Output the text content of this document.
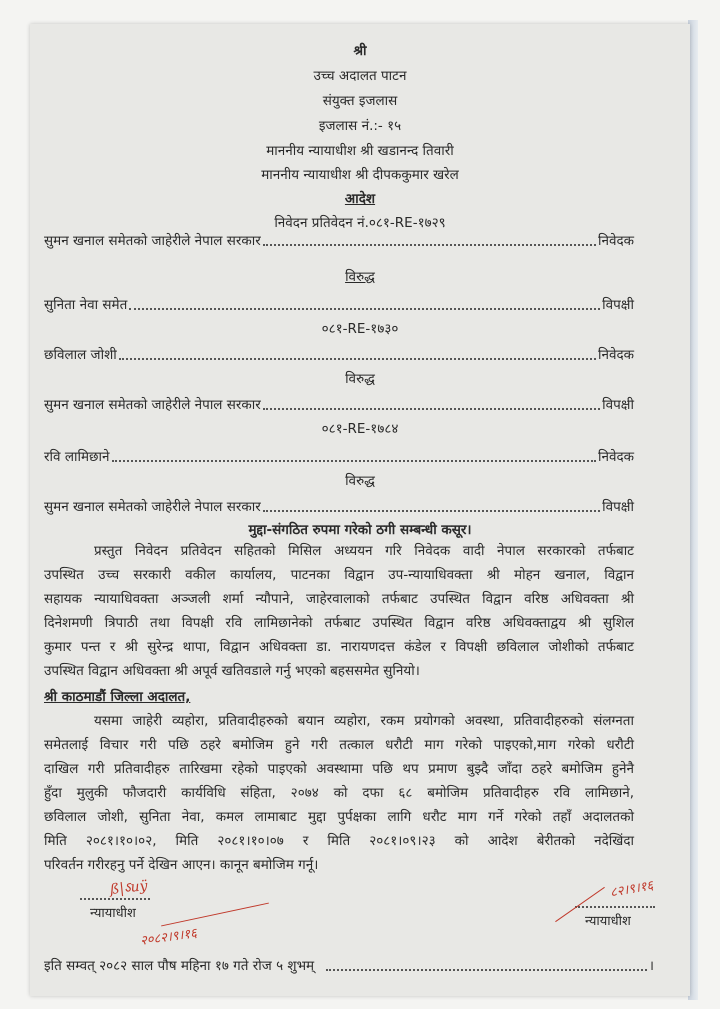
श्री
उच्च अदालत पाटन
संयुक्त इजलास
इजलास नं.:- १५
माननीय न्यायाधीश श्री खडानन्द तिवारी
माननीय न्यायाधीश श्री दीपककुमार खरेल
आदेश
निवेदन प्रतिवेदन नं.०८१-RE-१७२९
सुमन खनाल समेतको जाहेरीले नेपाल सरकार	निवेदक
विरुद्ध
सुनिता नेवा समेत	विपक्षी
०८१-RE-१७३०
छविलाल जोशी	निवेदक
विरुद्ध
सुमन खनाल समेतको जाहेरीले नेपाल सरकार	विपक्षी
०८१-RE-१७८४
रवि लामिछाने	निवेदक
विरुद्ध
सुमन खनाल समेतको जाहेरीले नेपाल सरकार	विपक्षी
मुद्दा-संगठित रुपमा गरेको ठगी सम्बन्धी कसूर।
प्रस्तुत निवेदन प्रतिवेदन सहितको मिसिल अध्ययन गरि निवेदक वादी नेपाल सरकारको तर्फबाट
उपस्थित उच्च सरकारी वकील कार्यालय, पाटनका विद्वान उप-न्यायाधिवक्ता श्री मोहन खनाल, विद्वान
सहायक न्यायाधिवक्ता अञ्जली शर्मा न्यौपाने, जाहेरवालाको तर्फबाट उपस्थित विद्वान वरिष्ठ अधिवक्ता श्री
दिनेशमणी त्रिपाठी तथा विपक्षी रवि लामिछानेको तर्फबाट उपस्थित विद्वान वरिष्ठ अधिवक्ताद्वय श्री सुशिल
कुमार पन्त र श्री सुरेन्द्र थापा, विद्वान अधिवक्ता डा. नारायणदत्त कंडेल र विपक्षी छविलाल जोशीको तर्फबाट
उपस्थित विद्वान अधिवक्ता श्री अपूर्व खतिवडाले गर्नु भएको बहससमेत सुनियो।
श्री काठमाडौं जिल्ला अदालत,
यसमा जाहेरी व्यहोरा, प्रतिवादीहरुको बयान व्यहोरा, रकम प्रयोगको अवस्था, प्रतिवादीहरुको संलग्नता
समेतलाई विचार गरी पछि ठहरे बमोजिम हुने गरी तत्काल धरौटी माग गरेको पाइएको,माग गरेको धरौटी
दाखिल गरी प्रतिवादीहरु तारिखमा रहेको पाइएको अवस्थामा पछि थप प्रमाण बुझ्दै जाँदा ठहरे बमोजिम हुनेनै
हुँदा मुलुकी फौजदारी कार्यविधि संहिता, २०७४ को दफा ६८ बमोजिम प्रतिवादीहरु रवि लामिछाने,
छविलाल जोशी, सुनिता नेवा, कमल लामाबाट मुद्दा पुर्पक्षका लागि धरौट माग गर्ने गरेको तहाँ अदालतको
मिति २०८१।१०।०२, मिति २०८१।१०।०७ र मिति २०८१।०९।२३ को आदेश बेरीतको नदेखिंदा
परिवर्तन गरीरहनु पर्ने देखिन आएन। कानून बमोजिम गर्नू।
ß|ऽuÿ
न्यायाधीश
२०८२।९।१६
८२।९।१६
न्यायाधीश
इति सम्वत् २०८२ साल पौष महिना १७ गते रोज ५ शुभम्	।
